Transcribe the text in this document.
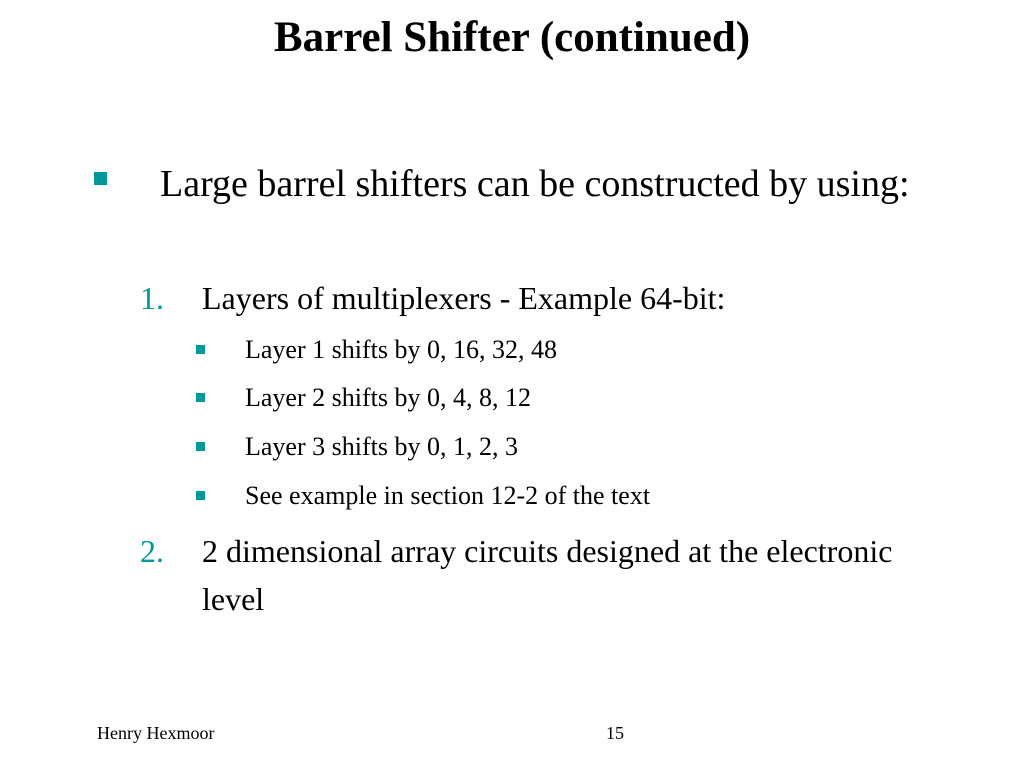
Barrel Shifter (continued)
Large barrel shifters can be constructed by using:
1. Layers of multiplexers - Example 64-bit:
Layer 1 shifts by 0, 16, 32, 48
Layer 2 shifts by 0, 4, 8, 12
Layer 3 shifts by 0, 1, 2, 3
See example in section 12-2 of the text
2. 2 dimensional array circuits designed at the electronic level
Henry Hexmoor	15
